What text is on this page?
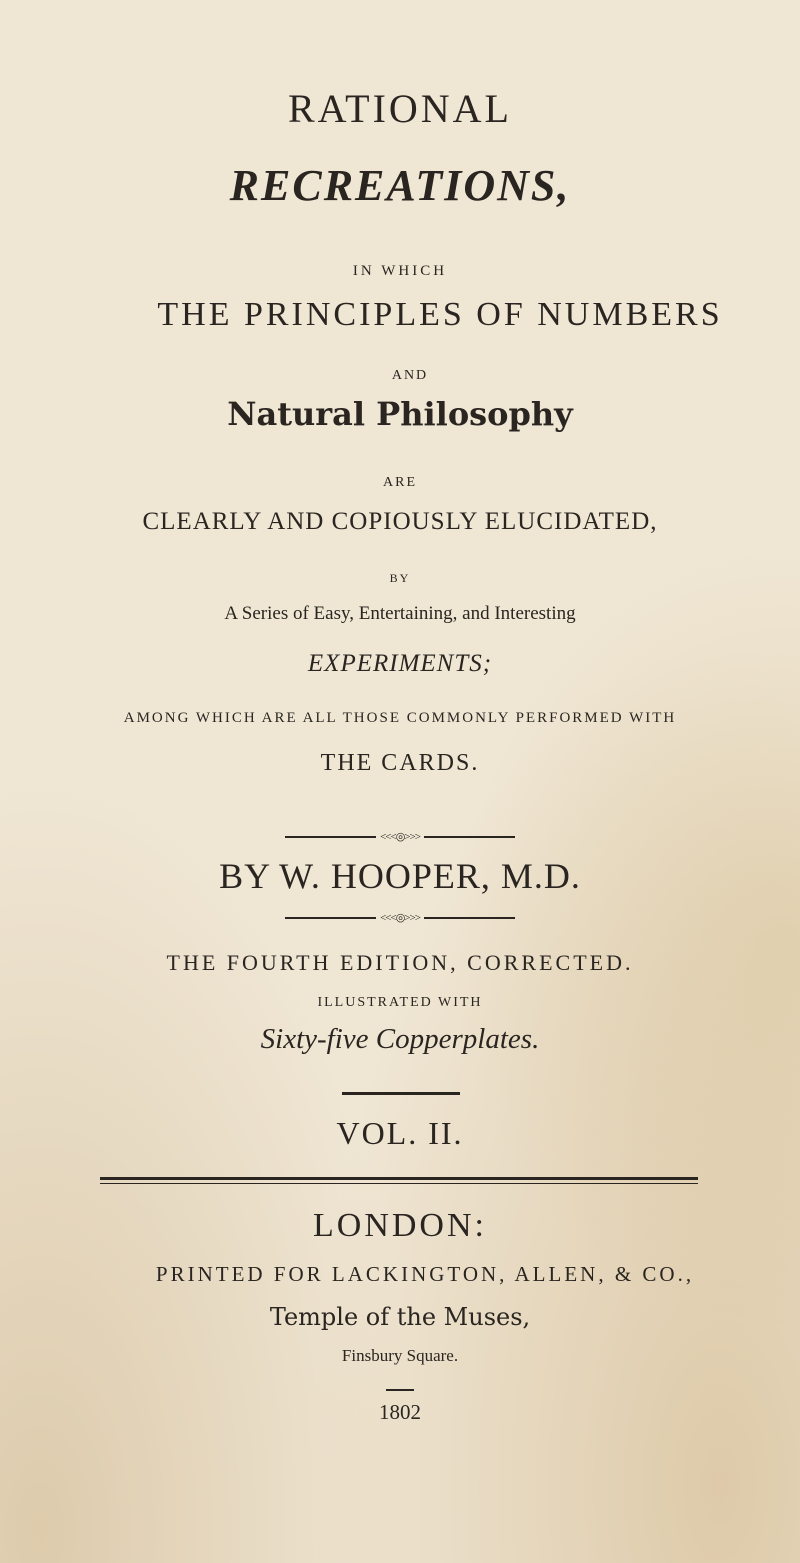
RATIONAL
RECREATIONS,
IN WHICH
THE PRINCIPLES OF NUMBERS
AND
Natural Philosophy
ARE
CLEARLY AND COPIOUSLY ELUCIDATED,
BY
A Series of Easy, Entertaining, and Interesting
EXPERIMENTS;
AMONG WHICH ARE ALL THOSE COMMONLY PERFORMED WITH
THE CARDS.
<<<◎>>>
BY W. HOOPER, M.D.
<<<◎>>>
THE FOURTH EDITION, CORRECTED.
ILLUSTRATED WITH
Sixty-five Copperplates.
VOL. II.
LONDON:
PRINTED FOR LACKINGTON, ALLEN, & CO.,
Temple of the Muses,
Finsbury Square.
1802
